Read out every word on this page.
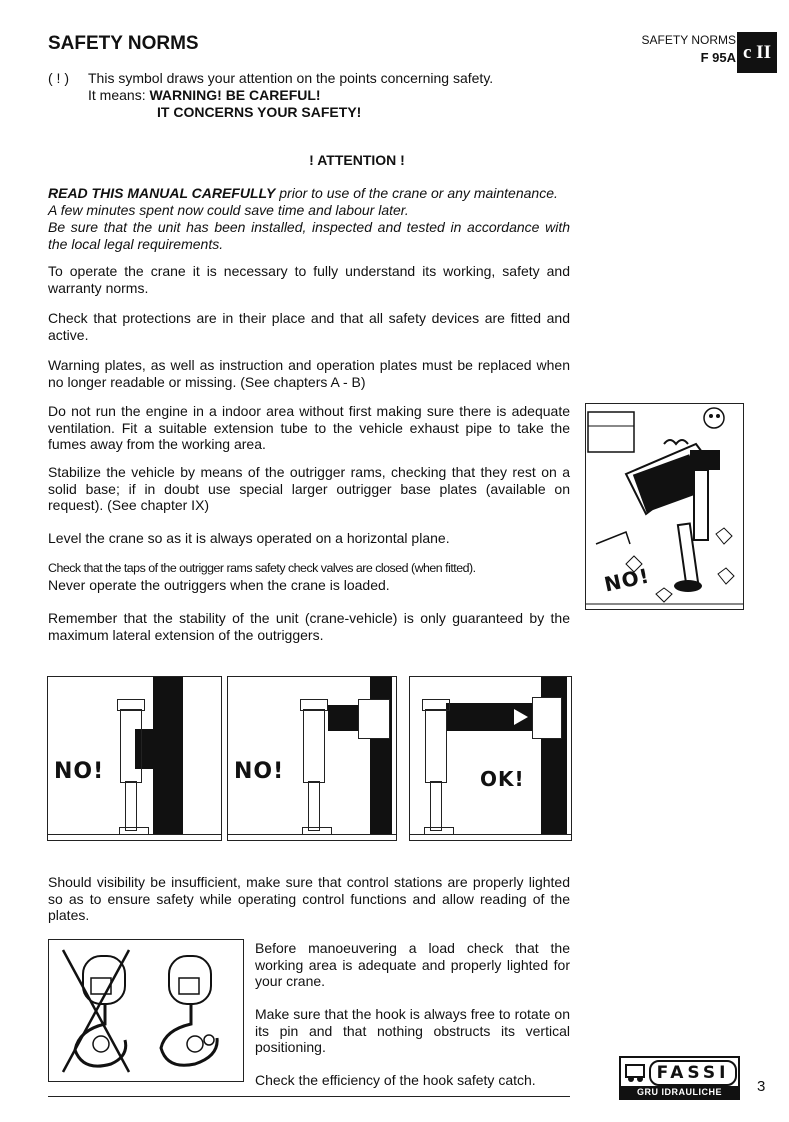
SAFETY NORMS	SAFETY NORMS
F 95A c II
( ! ) This symbol draws your attention on the points concerning safety.
It means: WARNING! BE CAREFUL!
IT CONCERNS YOUR SAFETY!
! ATTENTION !

READ THIS MANUAL CAREFULLY prior to use of the crane or any maintenance.

A few minutes spent now could save time and labour later.

Be sure that the unit has been installed, inspected and tested in accordance with the local legal requirements.

To operate the crane it is necessary to fully understand its working, safety and warranty norms.

Check that protections are in their place and that all safety devices are fitted and active.

Warning plates, as well as instruction and operation plates must be replaced when no longer readable or missing. (See chapters A - B)

Do not run the engine in a indoor area without first making sure there is adequate ventilation. Fit a suitable extension tube to the vehicle exhaust pipe to take the fumes away from the working area.

Stabilize the vehicle by means of the outrigger rams, checking that they rest on a solid base; if in doubt use special larger outrigger base plates (available on request). (See chapter IX)

Level the crane so as it is always operated on a horizontal plane.

Check that the taps of the outrigger rams safety check valves are closed (when fitted).

Never operate the outriggers when the crane is loaded.

Remember that the stability of the unit (crane-vehicle) is only guaranteed by the maximum lateral extension of the outriggers.

NO!
NO!	NO!	OK!

Should visibility be insufficient, make sure that control stations are properly lighted so as to ensure safety while operating control functions and allow reading of the plates.

Before manoeuvering a load check that the working area is adequate and properly lighted for your crane.

Make sure that the hook is always free to rotate on its pin and that nothing obstructs its vertical positioning.

Check the efficiency of the hook safety catch.	FASSI
GRU IDRAULICHE	3
